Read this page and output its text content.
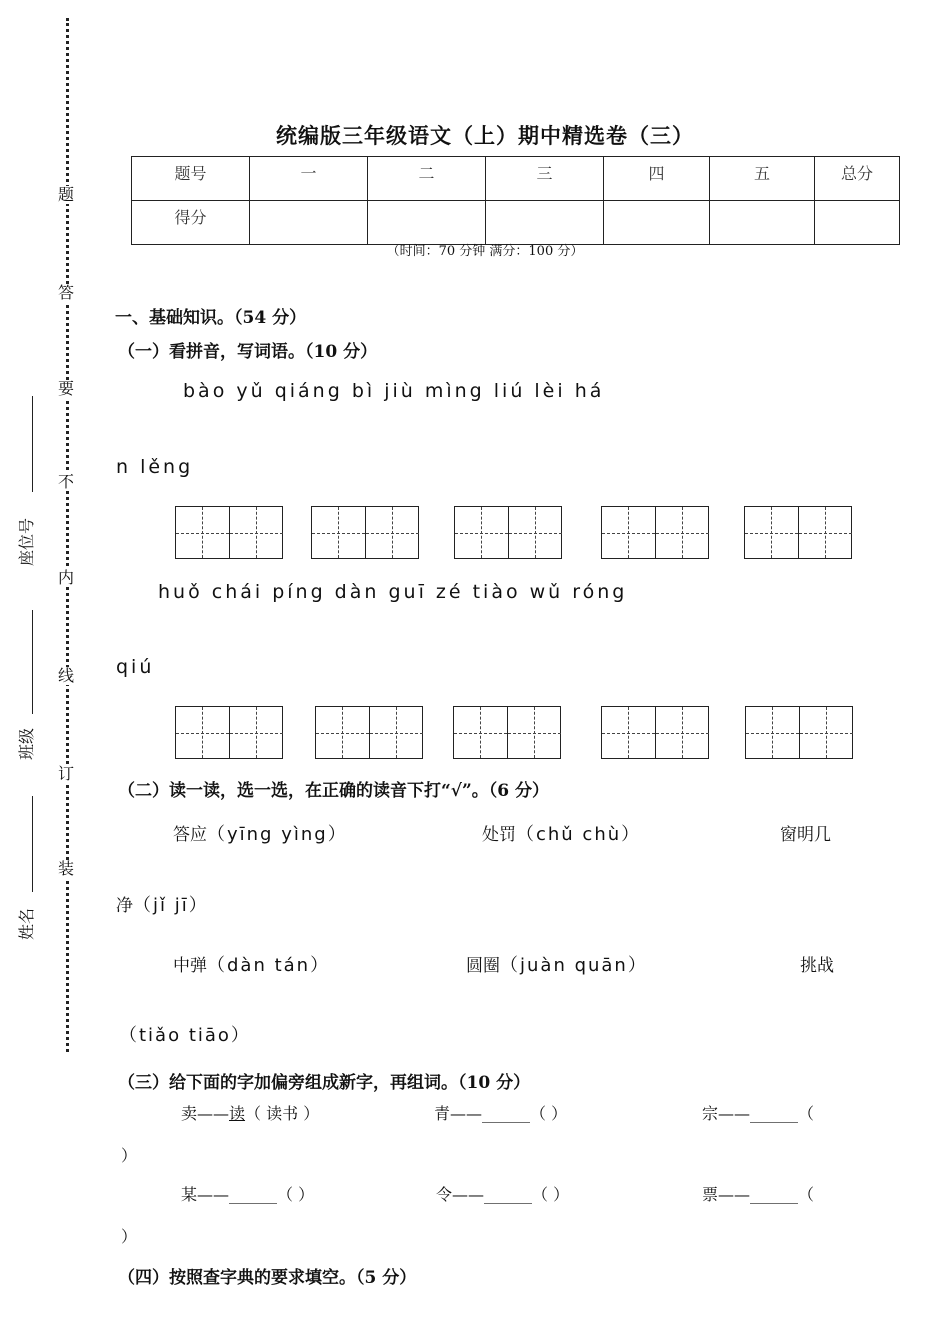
题
答
要
不
内
线
订
装
座位号
班级
姓名
统编版三年级语文（上）期中精选卷（三）
题号	一	二	三	四	五	总分
得分						
（时间：70 分钟 满分：100 分）
一、基础知识。（54 分）
（一）看拼音，写词语。（10 分）
bào yǔ qiáng bì jiù mìng liú lèi há
n lěng
huǒ chái píng dàn guī zé tiào wǔ róng
qiú
（二）读一读，选一选，在正确的读音下打“√”。（6 分）
答应（yīng yìng）	处罚（chǔ chù）	窗明几
净（jǐ jī）
中弹（dàn tán）	圆圈（juàn quān）	挑战
（tiǎo tiāo）
（三）给下面的字加偏旁组成新字，再组词。（10 分）
卖——读（ 读书 ）	青——______（ ）	宗——______（
）
某——______（ ）	令——______（ ）	票——______（
）
（四）按照查字典的要求填空。（5 分）
